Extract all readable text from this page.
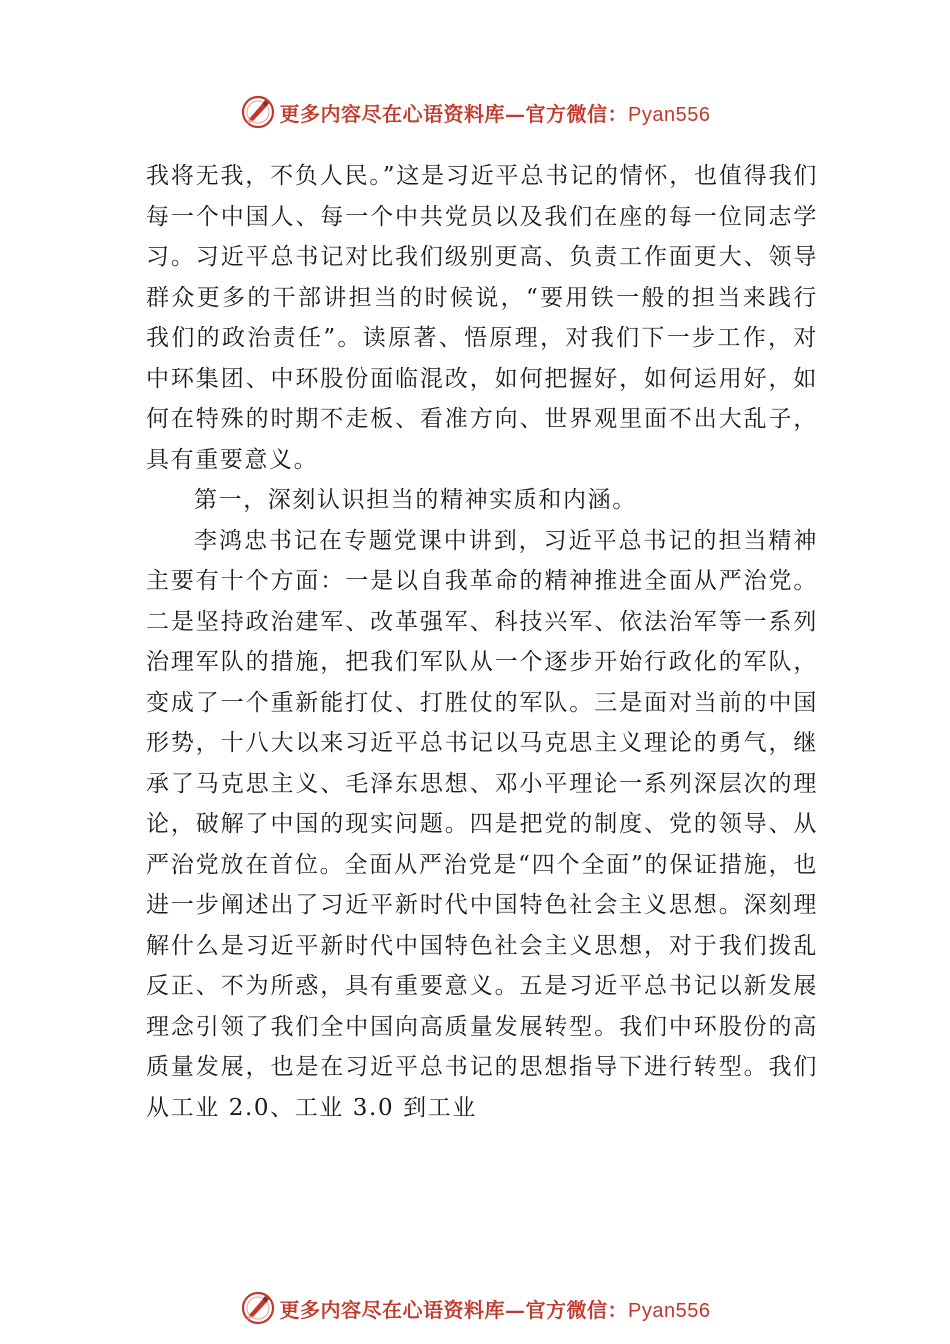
更多内容尽在心语资料库—官方微信：Pyan556

我将无我，不负人民。”这是习近平总书记的情怀，也值得我们每一个中国人、每一个中共党员以及我们在座的每一位同志学习。习近平总书记对比我们级别更高、负责工作面更大、领导群众更多的干部讲担当的时候说，“要用铁一般的担当来践行我们的政治责任”。读原著、悟原理，对我们下一步工作，对中环集团、中环股份面临混改，如何把握好，如何运用好，如何在特殊的时期不走板、看准方向、世界观里面不出大乱子，具有重要意义。

第一，深刻认识担当的精神实质和内涵。

李鸿忠书记在专题党课中讲到，习近平总书记的担当精神主要有十个方面：一是以自我革命的精神推进全面从严治党。二是坚持政治建军、改革强军、科技兴军、依法治军等一系列治理军队的措施，把我们军队从一个逐步开始行政化的军队，变成了一个重新能打仗、打胜仗的军队。三是面对当前的中国形势，十八大以来习近平总书记以马克思主义理论的勇气，继承了马克思主义、毛泽东思想、邓小平理论一系列深层次的理论，破解了中国的现实问题。四是把党的制度、党的领导、从严治党放在首位。全面从严治党是“四个全面”的保证措施，也进一步阐述出了习近平新时代中国特色社会主义思想。深刻理解什么是习近平新时代中国特色社会主义思想，对于我们拨乱反正、不为所惑，具有重要意义。五是习近平总书记以新发展理念引领了我们全中国向高质量发展转型。我们中环股份的高质量发展，也是在习近平总书记的思想指导下进行转型。我们从工业 2.0、工业 3.0 到工业

更多内容尽在心语资料库—官方微信：Pyan556
